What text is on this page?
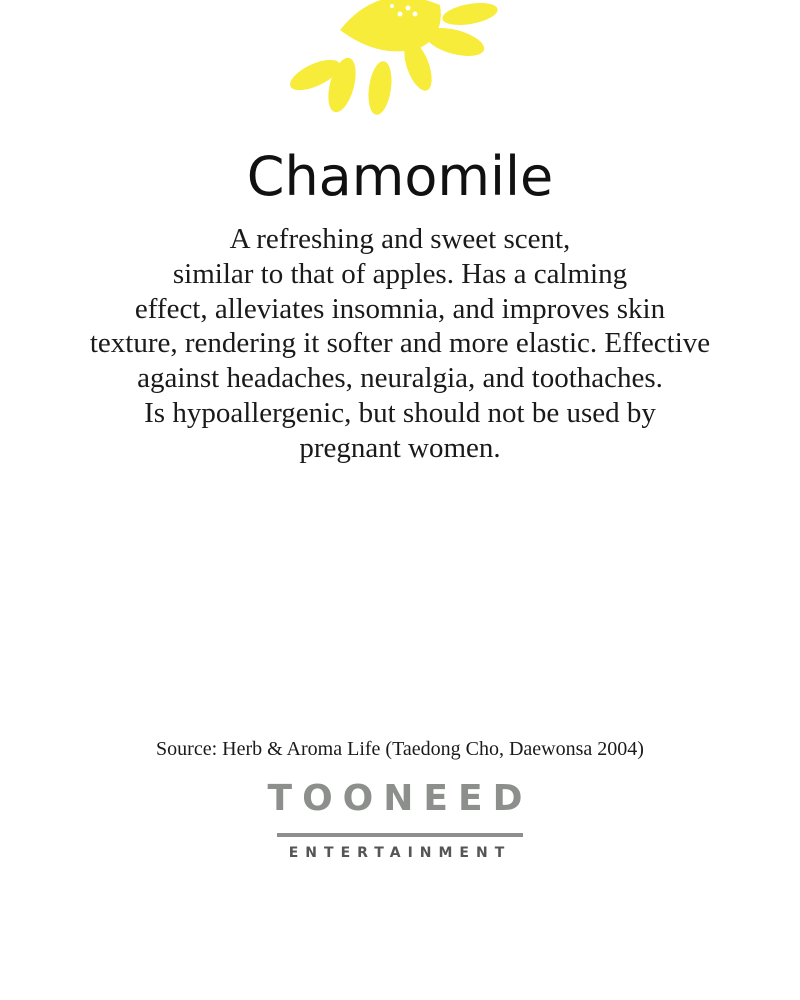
Chamomile
A refreshing and sweet scent,
similar to that of apples. Has a calming
effect, alleviates insomnia, and improves skin
texture, rendering it softer and more elastic. Effective
against headaches, neuralgia, and toothaches.
Is hypoallergenic, but should not be used by
pregnant women.
Source: Herb & Aroma Life (Taedong Cho, Daewonsa 2004)
TOONEED
ENTERTAINMENT
